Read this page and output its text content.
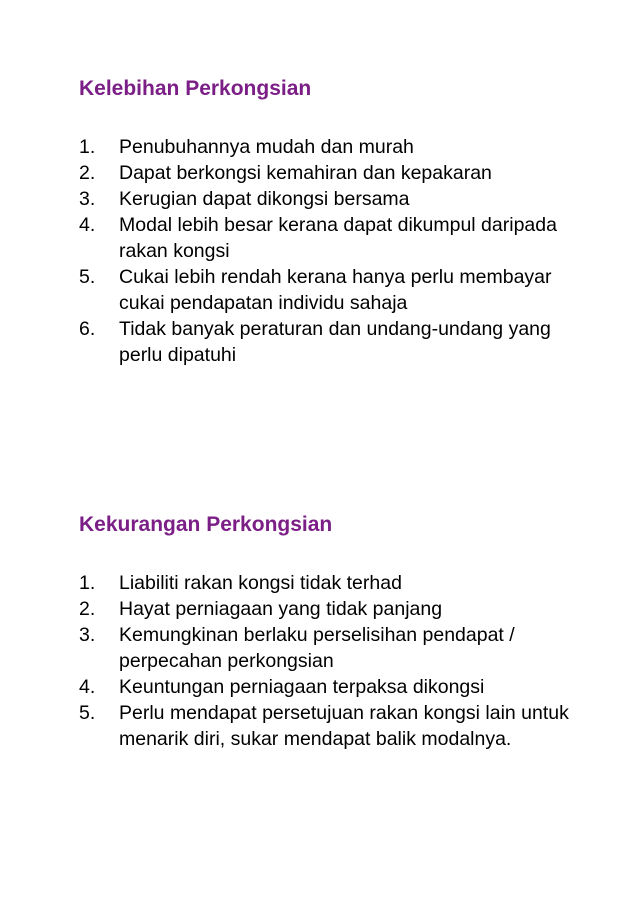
Kelebihan Perkongsian
1. Penubuhannya mudah dan murah
2. Dapat berkongsi kemahiran dan kepakaran
3. Kerugian dapat dikongsi bersama
4. Modal lebih besar kerana dapat dikumpul daripada rakan kongsi
5. Cukai lebih rendah kerana hanya perlu membayar cukai pendapatan individu sahaja
6. Tidak banyak peraturan dan undang-undang yang perlu dipatuhi
Kekurangan Perkongsian
1. Liabiliti rakan kongsi tidak terhad
2. Hayat perniagaan yang tidak panjang
3. Kemungkinan berlaku perselisihan pendapat / perpecahan perkongsian
4. Keuntungan perniagaan terpaksa dikongsi
5. Perlu mendapat persetujuan rakan kongsi lain untuk menarik diri, sukar mendapat balik modalnya.
